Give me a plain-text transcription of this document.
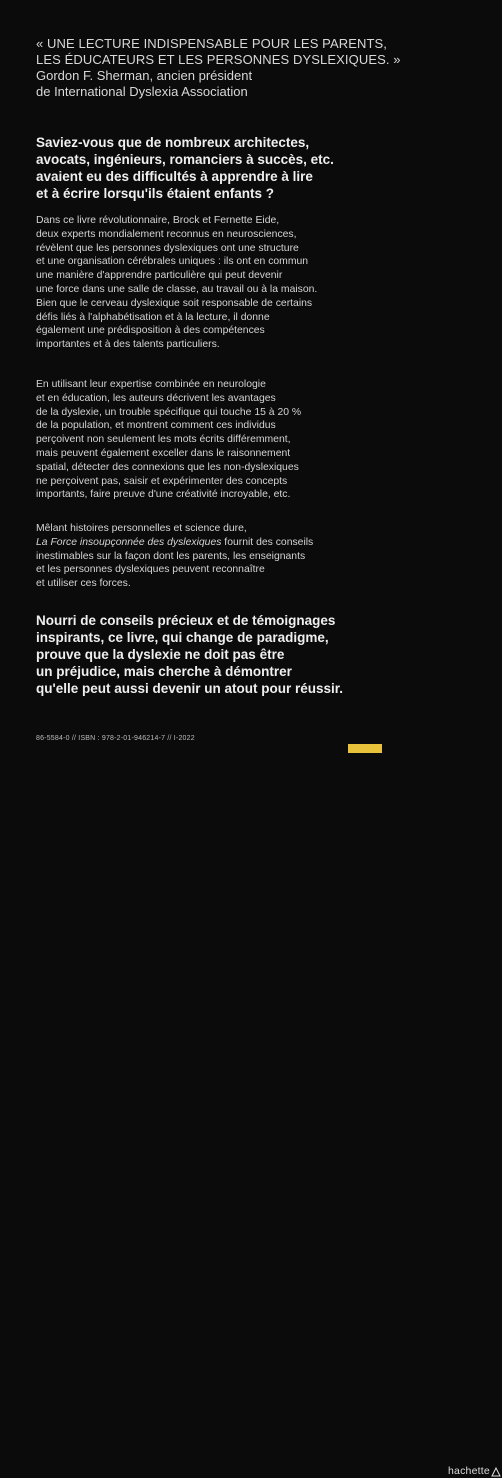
« UNE LECTURE INDISPENSABLE POUR LES PARENTS,
LES ÉDUCATEURS ET LES PERSONNES DYSLEXIQUES. »
Gordon F. Sherman, ancien président
de International Dyslexia Association
Saviez-vous que de nombreux architectes,
avocats, ingénieurs, romanciers à succès, etc.
avaient eu des difficultés à apprendre à lire
et à écrire lorsqu'ils étaient enfants ?
Dans ce livre révolutionnaire, Brock et Fernette Eide,
deux experts mondialement reconnus en neurosciences,
révèlent que les personnes dyslexiques ont une structure
et une organisation cérébrales uniques : ils ont en commun
une manière d'apprendre particulière qui peut devenir
une force dans une salle de classe, au travail ou à la maison.
Bien que le cerveau dyslexique soit responsable de certains
défis liés à l'alphabétisation et à la lecture, il donne
également une prédisposition à des compétences
importantes et à des talents particuliers.
En utilisant leur expertise combinée en neurologie
et en éducation, les auteurs décrivent les avantages
de la dyslexie, un trouble spécifique qui touche 15 à 20 %
de la population, et montrent comment ces individus
perçoivent non seulement les mots écrits différemment,
mais peuvent également exceller dans le raisonnement
spatial, détecter des connexions que les non-dyslexiques
ne perçoivent pas, saisir et expérimenter des concepts
importants, faire preuve d'une créativité incroyable, etc.
Mêlant histoires personnelles et science dure,
La Force insoupçonnée des dyslexiques fournit des conseils
inestimables sur la façon dont les parents, les enseignants
et les personnes dyslexiques peuvent reconnaître
et utiliser ces forces.
Nourri de conseils précieux et de témoignages
inspirants, ce livre, qui change de paradigme,
prouve que la dyslexie ne doit pas être
un préjudice, mais cherche à démontrer
qu'elle peut aussi devenir un atout pour réussir.
86-5584-0 // ISBN : 978-2-01-946214-7 // I-2022
hachette
